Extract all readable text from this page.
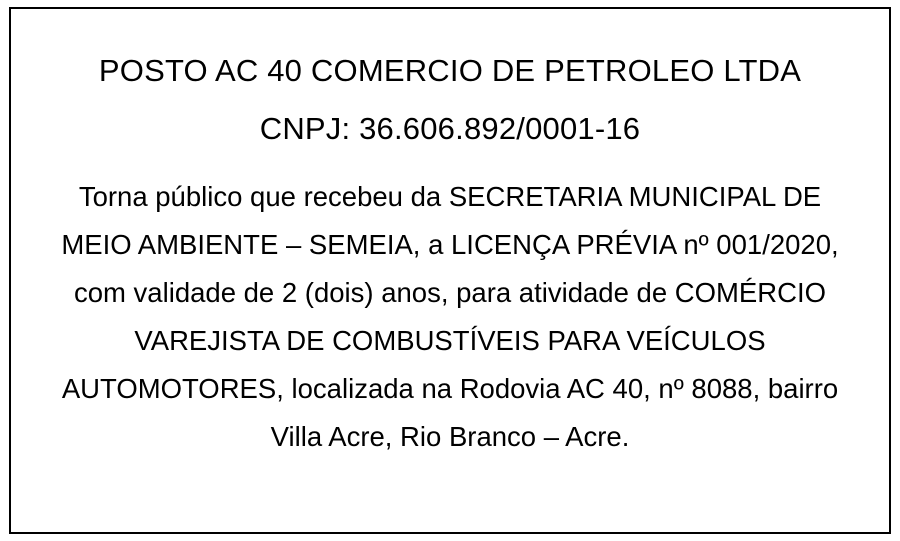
POSTO AC 40 COMERCIO DE PETROLEO LTDA
CNPJ: 36.606.892/0001-16
Torna público que recebeu da SECRETARIA MUNICIPAL DE MEIO AMBIENTE – SEMEIA, a LICENÇA PRÉVIA nº 001/2020, com validade de 2 (dois) anos, para atividade de COMÉRCIO VAREJISTA DE COMBUSTÍVEIS PARA VEÍCULOS AUTOMOTORES, localizada na Rodovia AC 40, nº 8088, bairro Villa Acre, Rio Branco – Acre.
